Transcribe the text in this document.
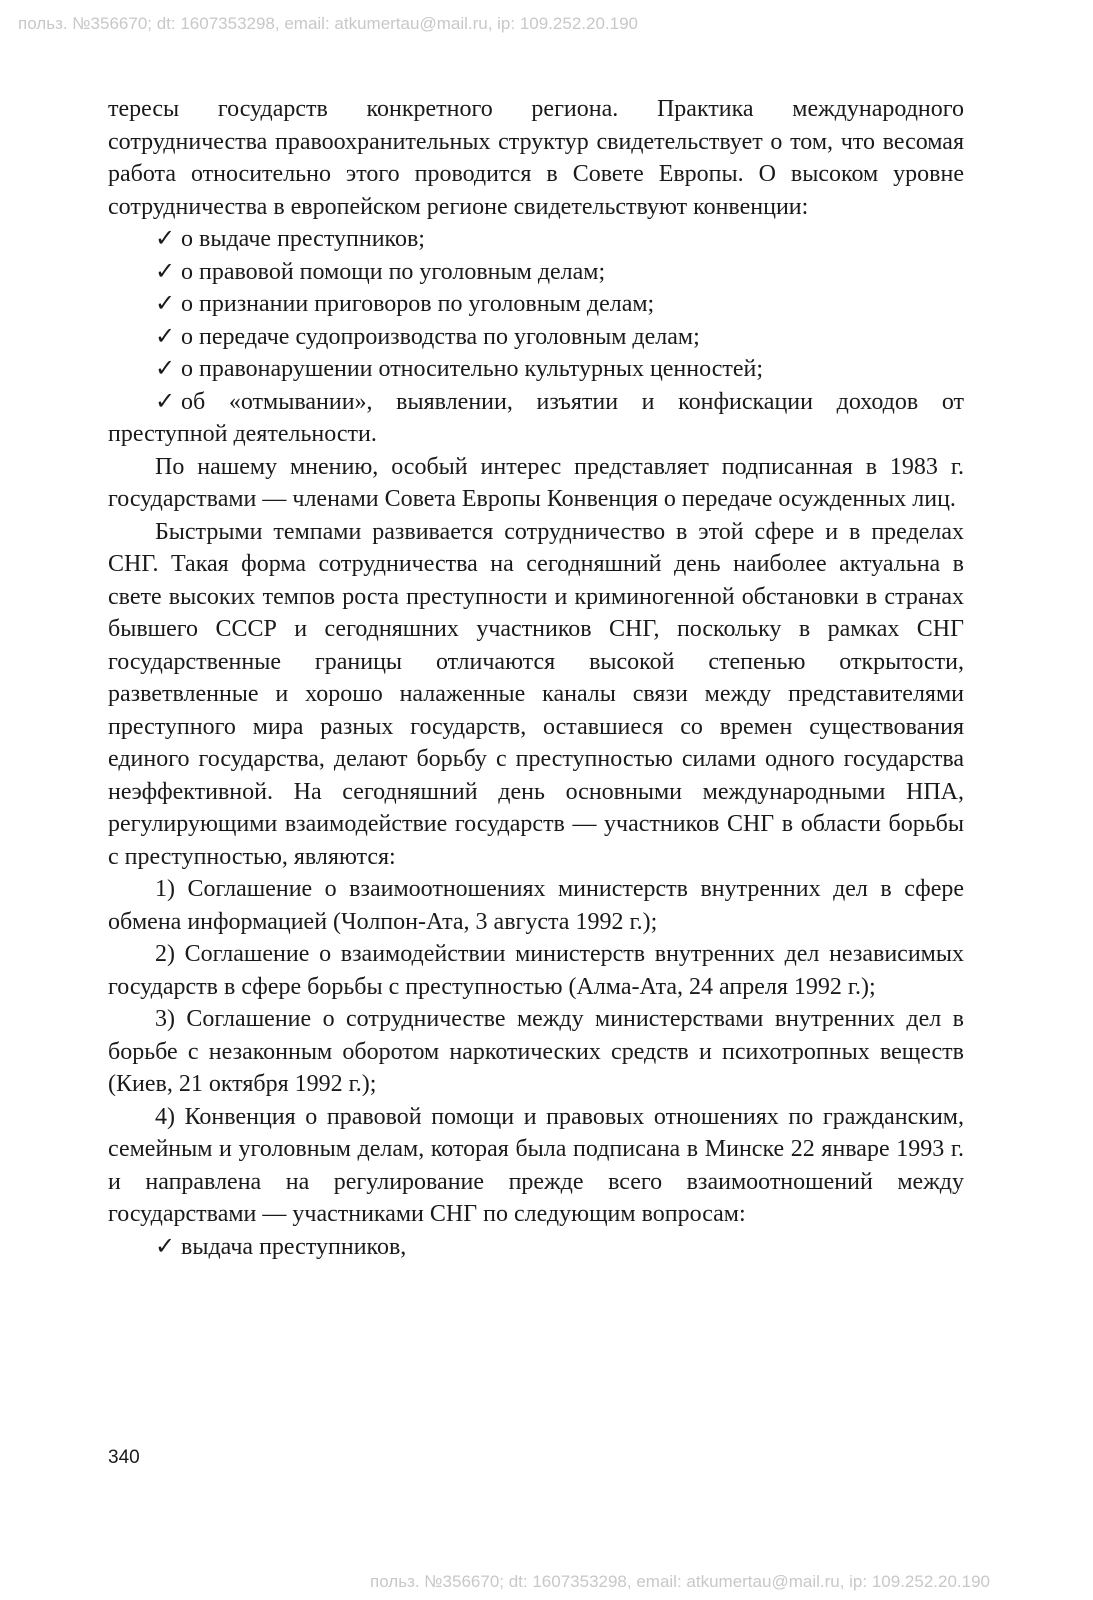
польз. №356670; dt: 1607353298, email: atkumertau@mail.ru, ip: 109.252.20.190

тересы государств конкретного региона. Практика международного сотрудничества правоохранительных структур свидетельствует о том, что весомая работа относительно этого проводится в Совете Европы. О высоком уровне сотрудничества в европейском регионе свидетельствуют конвенции:

✓ о выдаче преступников;

✓ о правовой помощи по уголовным делам;

✓ о признании приговоров по уголовным делам;

✓ о передаче судопроизводства по уголовным делам;

✓ о правонарушении относительно культурных ценностей;

✓ об «отмывании», выявлении, изъятии и конфискации доходов от преступной деятельности.

По нашему мнению, особый интерес представляет подписанная в 1983 г. государствами — членами Совета Европы Конвенция о передаче осужденных лиц.

Быстрыми темпами развивается сотрудничество в этой сфере и в пределах СНГ. Такая форма сотрудничества на сегодняшний день наиболее актуальна в свете высоких темпов роста преступности и криминогенной обстановки в странах бывшего СССР и сегодняшних участников СНГ, поскольку в рамках СНГ государственные границы отличаются высокой степенью открытости, разветвленные и хорошо налаженные каналы связи между представителями преступного мира разных государств, оставшиеся со времен существования единого государства, делают борьбу с преступностью силами одного государства неэффективной. На сегодняшний день основными международными НПА, регулирующими взаимодействие государств — участников СНГ в области борьбы с преступностью, являются:

1) Соглашение о взаимоотношениях министерств внутренних дел в сфере обмена информацией (Чолпон-Ата, 3 августа 1992 г.);

2) Соглашение о взаимодействии министерств внутренних дел независимых государств в сфере борьбы с преступностью (Алма-Ата, 24 апреля 1992 г.);

3) Соглашение о сотрудничестве между министерствами внутренних дел в борьбе с незаконным оборотом наркотических средств и психотропных веществ (Киев, 21 октября 1992 г.);

4) Конвенция о правовой помощи и правовых отношениях по гражданским, семейным и уголовным делам, которая была подписана в Минске 22 январе 1993 г. и направлена на регулирование прежде всего взаимоотношений между государствами — участниками СНГ по следующим вопросам:

✓ выдача преступников,

340
польз. №356670; dt: 1607353298, email: atkumertau@mail.ru, ip: 109.252.20.190
